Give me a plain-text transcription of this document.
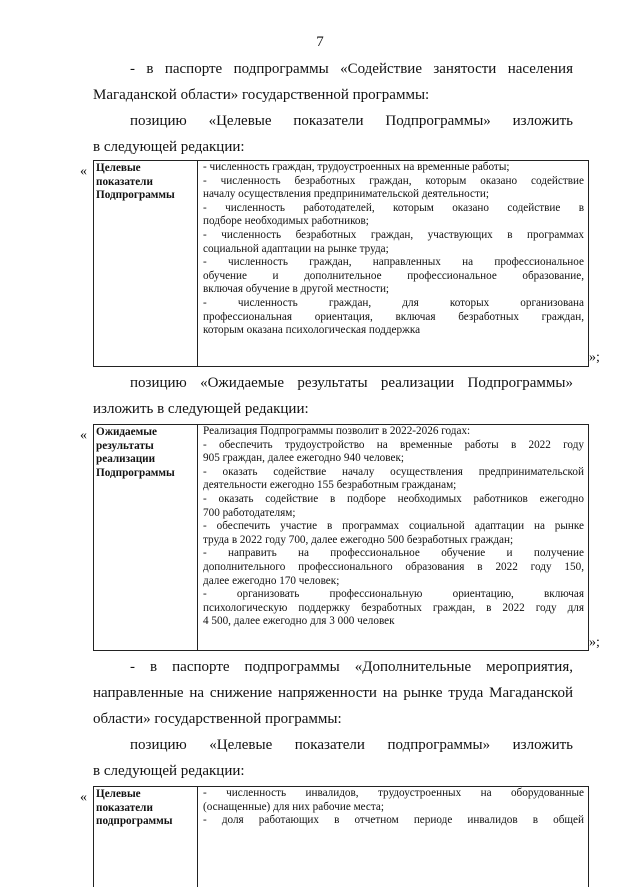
7
- в паспорте подпрограммы «Содействие занятости населения
Магаданской области» государственной программы:
позицию «Целевые показатели Подпрограммы» изложить
в следующей редакции:
« Целевые
показатели
Подпрограммы
- численность граждан, трудоустроенных на временные работы;
- численность безработных граждан, которым оказано содействие
началу осуществления предпринимательской деятельности;
- численность работодателей, которым оказано содействие в
подборе необходимых работников;
- численность безработных граждан, участвующих в программах
социальной адаптации на рынке труда;
- численность граждан, направленных на профессиональное
обучение и дополнительное профессиональное образование,
включая обучение в другой местности;
- численность граждан, для которых организована
профессиональная ориентация, включая безработных граждан,
которым оказана психологическая поддержка
»;
позицию «Ожидаемые результаты реализации Подпрограммы»
изложить в следующей редакции:
« Ожидаемые
результаты
реализации
Подпрограммы
Реализация Подпрограммы позволит в 2022-2026 годах:
- обеспечить трудоустройство на временные работы в 2022 году
905 граждан, далее ежегодно 940 человек;
- оказать содействие началу осуществления предпринимательской
деятельности ежегодно 155 безработным гражданам;
- оказать содействие в подборе необходимых работников ежегодно
700 работодателям;
- обеспечить участие в программах социальной адаптации на рынке
труда в 2022 году 700, далее ежегодно 500 безработных граждан;
- направить на профессиональное обучение и получение
дополнительного профессионального образования в 2022 году 150,
далее ежегодно 170 человек;
- организовать профессиональную ориентацию, включая
психологическую поддержку безработных граждан, в 2022 году для
4 500, далее ежегодно для 3 000 человек
»;
- в паспорте подпрограммы «Дополнительные мероприятия,
направленные на снижение напряженности на рынке труда Магаданской
области» государственной программы:
позицию «Целевые показатели подпрограммы» изложить
в следующей редакции:
« Целевые
показатели
подпрограммы
- численность инвалидов, трудоустроенных на оборудованные
(оснащенные) для них рабочие места;
- доля работающих в отчетном периоде инвалидов в общей
